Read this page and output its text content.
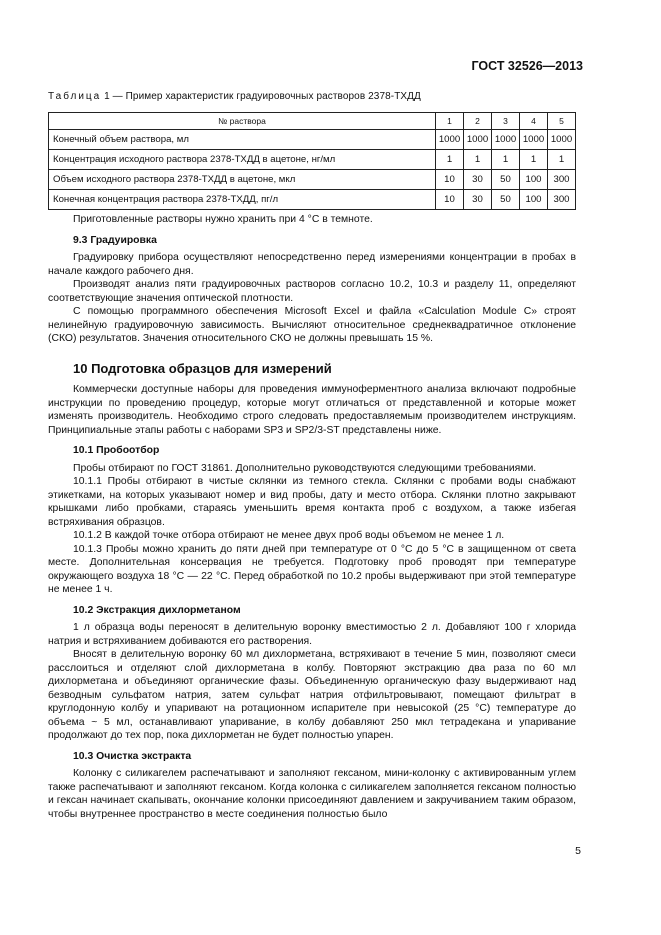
ГОСТ 32526—2013
Таблица 1 — Пример характеристик градуировочных растворов 2378-ТХДД
№ раствора	1	2	3	4	5
Конечный объем раствора, мл	1000	1000	1000	1000	1000
Концентрация исходного раствора 2378-ТХДД в ацетоне, нг/мл	1	1	1	1	1
Объем исходного раствора 2378-ТХДД в ацетоне, мкл	10	30	50	100	300
Конечная концентрация раствора 2378-ТХДД, пг/л	10	30	50	100	300

Приготовленные растворы нужно хранить при 4 °С в темноте.

9.3 Градуировка

Градуировку прибора осуществляют непосредственно перед измерениями концентрации в пробах в начале каждого рабочего дня.

Производят анализ пяти градуировочных растворов согласно 10.2, 10.3 и разделу 11, определяют соответствующие значения оптической плотности.

С помощью программного обеспечения Microsoft Excel и файла «Calculation Module C» строят нелинейную градуировочную зависимость. Вычисляют относительное среднеквадратичное отклонение (СКО) результатов. Значения относительного СКО не должны превышать 15 %.

10 Подготовка образцов для измерений

Коммерчески доступные наборы для проведения иммуноферментного анализа включают подробные инструкции по проведению процедур, которые могут отличаться от представленной и которые может изменять производитель. Необходимо строго следовать предоставляемым производителем инструкциям. Принципиальные этапы работы с наборами SP3 и SP2/3-ST представлены ниже.

10.1 Пробоотбор

Пробы отбирают по ГОСТ 31861. Дополнительно руководствуются следующими требованиями.

10.1.1 Пробы отбирают в чистые склянки из темного стекла. Склянки с пробами воды снабжают этикетками, на которых указывают номер и вид пробы, дату и место отбора. Склянки плотно закрывают крышками либо пробками, стараясь уменьшить время контакта проб с воздухом, а также избегая встряхивания образцов.

10.1.2 В каждой точке отбора отбирают не менее двух проб воды объемом не менее 1 л.

10.1.3 Пробы можно хранить до пяти дней при температуре от 0 °С до 5 °С в защищенном от света месте. Дополнительная консервация не требуется. Подготовку проб проводят при температуре окружающего воздуха 18 °С — 22 °С. Перед обработкой по 10.2 пробы выдерживают при этой температуре не менее 1 ч.

10.2 Экстракция дихлорметаном

1 л образца воды переносят в делительную воронку вместимостью 2 л. Добавляют 100 г хлорида натрия и встряхиванием добиваются его растворения.

Вносят в делительную воронку 60 мл дихлорметана, встряхивают в течение 5 мин, позволяют смеси расслоиться и отделяют слой дихлорметана в колбу. Повторяют экстракцию два раза по 60 мл дихлорметана и объединяют органические фазы. Объединенную органическую фазу выдерживают над безводным сульфатом натрия, затем сульфат натрия отфильтровывают, помещают фильтрат в круглодонную колбу и упаривают на ротационном испарителе при невысокой (25 °С) температуре до объема ~ 5 мл, останавливают упаривание, в колбу добавляют 250 мкл тетрадекана и упаривание продолжают до тех пор, пока дихлорметан не будет полностью упарен.

10.3 Очистка экстракта

Колонку с силикагелем распечатывают и заполняют гексаном, мини-колонку с активированным углем также распечатывают и заполняют гексаном. Когда колонка с силикагелем заполняется гексаном полностью и гексан начинает скапывать, окончание колонки присоединяют давлением и закручиванием таким образом, чтобы внутреннее пространство в месте соединения полностью было

5
